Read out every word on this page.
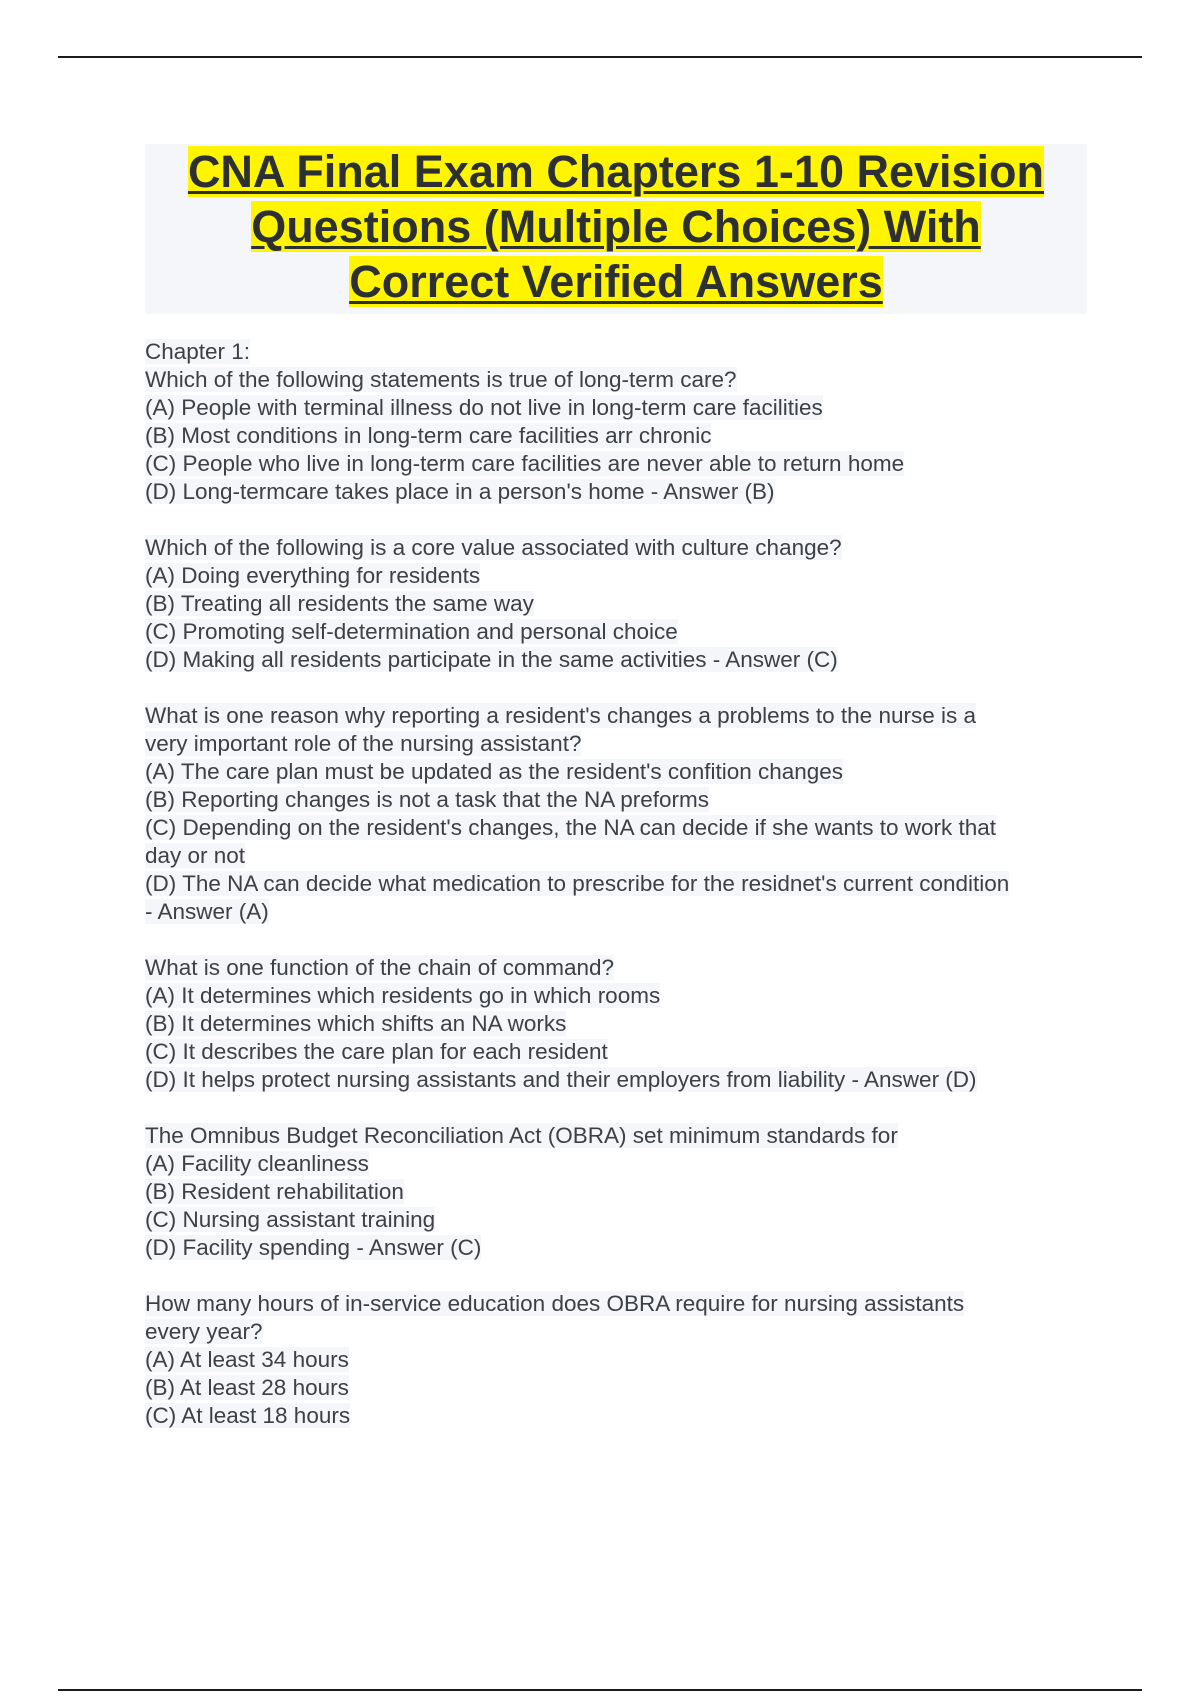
CNA Final Exam Chapters 1-10 Revision
Questions (Multiple Choices) With
Correct Verified Answers
Chapter 1:
Which of the following statements is true of long-term care?
(A) People with terminal illness do not live in long-term care facilities
(B) Most conditions in long-term care facilities arr chronic
(C) People who live in long-term care facilities are never able to return home
(D) Long-termcare takes place in a person's home - Answer (B)
Which of the following is a core value associated with culture change?
(A) Doing everything for residents
(B) Treating all residents the same way
(C) Promoting self-determination and personal choice
(D) Making all residents participate in the same activities - Answer (C)
What is one reason why reporting a resident's changes a problems to the nurse is a
very important role of the nursing assistant?
(A) The care plan must be updated as the resident's confition changes
(B) Reporting changes is not a task that the NA preforms
(C) Depending on the resident's changes, the NA can decide if she wants to work that
day or not
(D) The NA can decide what medication to prescribe for the residnet's current condition
- Answer (A)
What is one function of the chain of command?
(A) It determines which residents go in which rooms
(B) It determines which shifts an NA works
(C) It describes the care plan for each resident
(D) It helps protect nursing assistants and their employers from liability - Answer (D)
The Omnibus Budget Reconciliation Act (OBRA) set minimum standards for
(A) Facility cleanliness
(B) Resident rehabilitation
(C) Nursing assistant training
(D) Facility spending - Answer (C)
How many hours of in-service education does OBRA require for nursing assistants
every year?
(A) At least 34 hours
(B) At least 28 hours
(C) At least 18 hours
